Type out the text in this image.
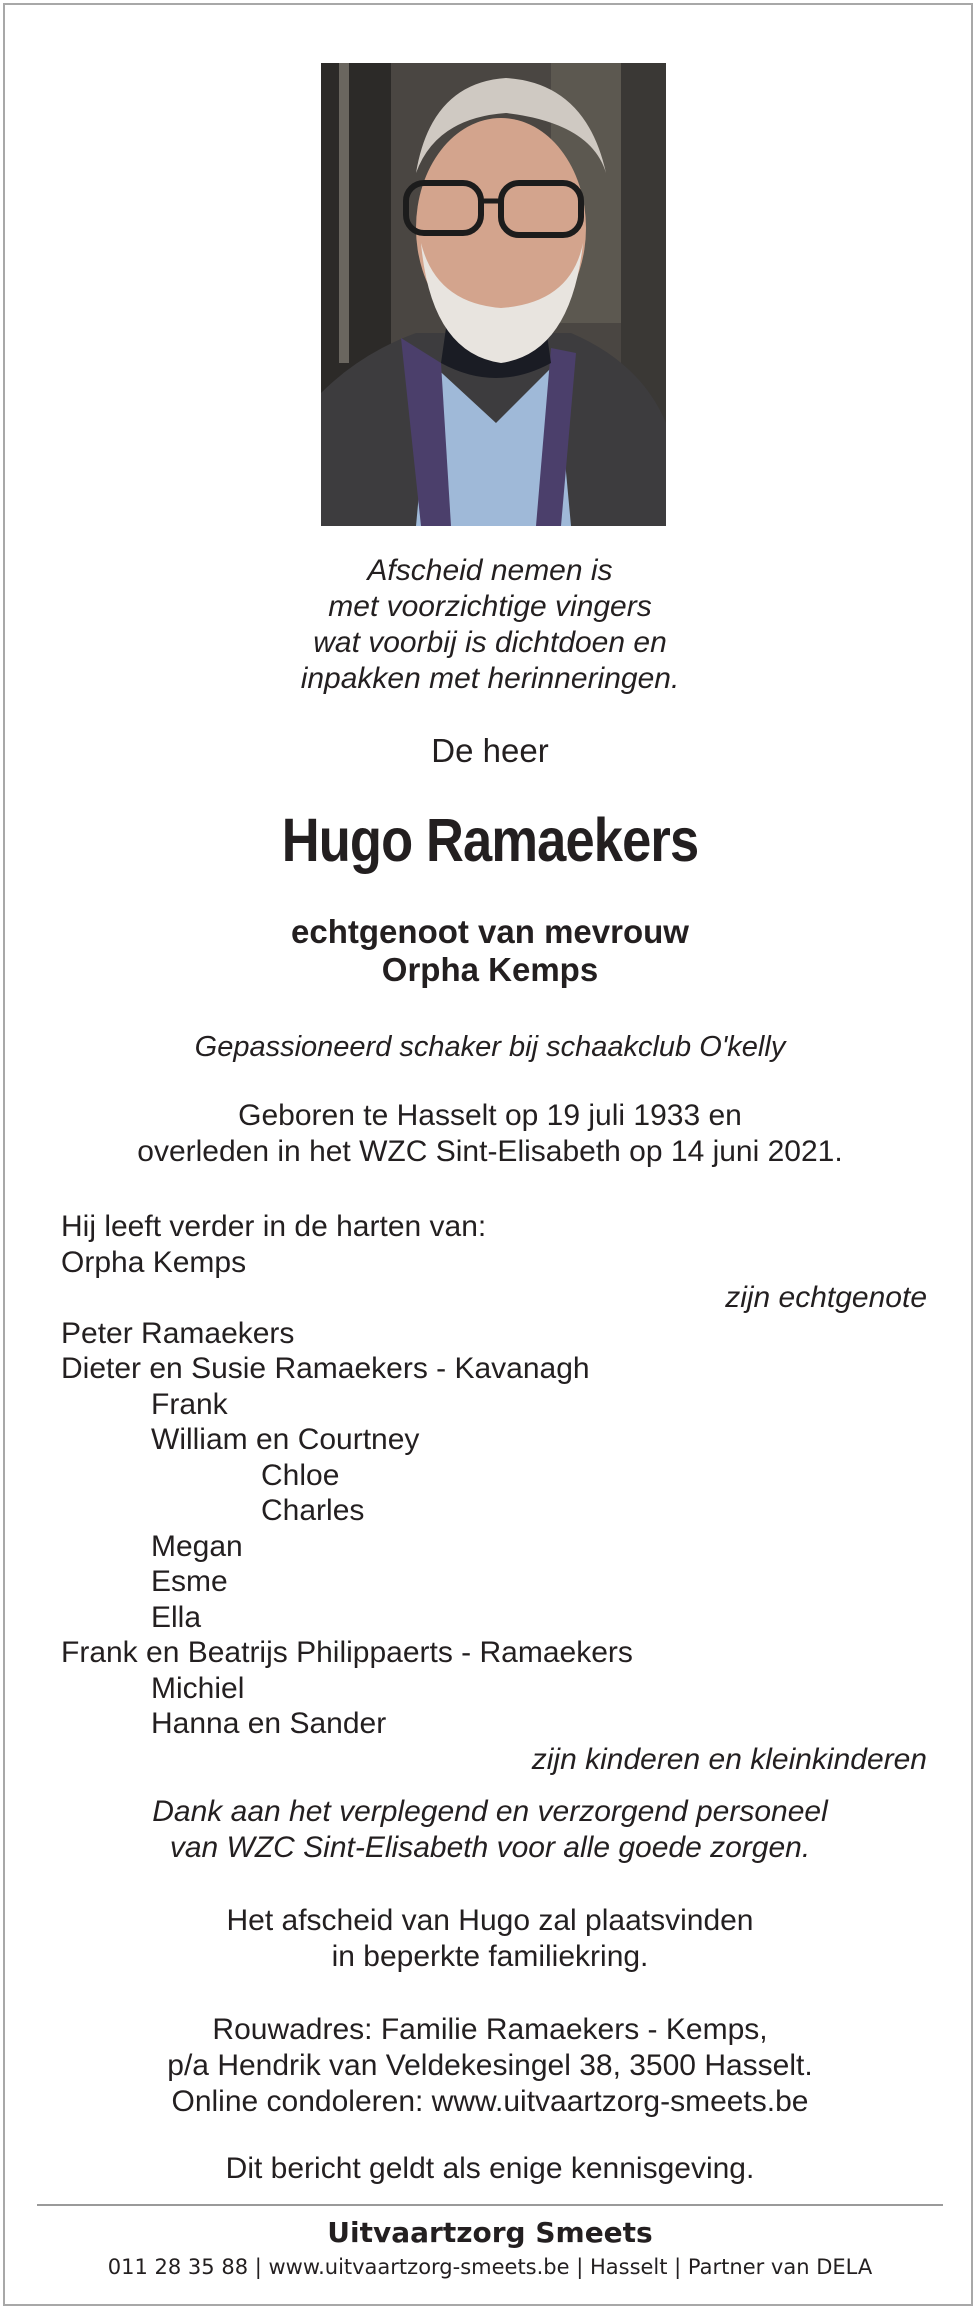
Afscheid nemen is
met voorzichtige vingers
wat voorbij is dichtdoen en
inpakken met herinneringen.
De heer
Hugo Ramaekers
echtgenoot van mevrouw
Orpha Kemps
Gepassioneerd schaker bij schaakclub O'kelly
Geboren te Hasselt op 19 juli 1933 en
overleden in het WZC Sint-Elisabeth op 14 juni 2021.
Hij leeft verder in de harten van:
Orpha Kemps
zijn echtgenote
Peter Ramaekers
Dieter en Susie Ramaekers - Kavanagh
Frank
William en Courtney
Chloe
Charles
Megan
Esme
Ella
Frank en Beatrijs Philippaerts - Ramaekers
Michiel
Hanna en Sander
zijn kinderen en kleinkinderen
Dank aan het verplegend en verzorgend personeel
van WZC Sint-Elisabeth voor alle goede zorgen.
Het afscheid van Hugo zal plaatsvinden
in beperkte familiekring.
Rouwadres: Familie Ramaekers - Kemps,
p/a Hendrik van Veldekesingel 38, 3500 Hasselt.
Online condoleren: www.uitvaartzorg-smeets.be
Dit bericht geldt als enige kennisgeving.
Uitvaartzorg Smeets
011 28 35 88 | www.uitvaartzorg-smeets.be | Hasselt | Partner van DELA
